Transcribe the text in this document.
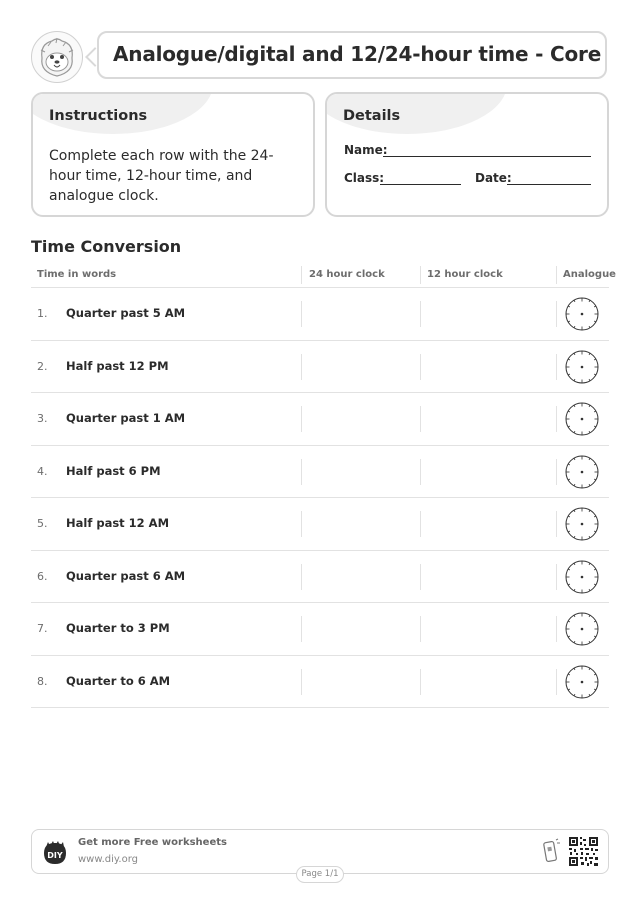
Analogue/digital and 12/24-hour time - Core
Instructions
Complete each row with the 24-hour time, 12-hour time, and analogue clock.
Details
Name:
Class:	Date:
Time Conversion
Time in words	24 hour clock	12 hour clock	Analogue
1. Quarter past 5 AM
2. Half past 12 PM
3. Quarter past 1 AM
4. Half past 6 PM
5. Half past 12 AM
6. Quarter past 6 AM
7. Quarter to 3 PM
8. Quarter to 6 AM
DIY
Get more Free worksheets
www.diy.org
Page 1/1
